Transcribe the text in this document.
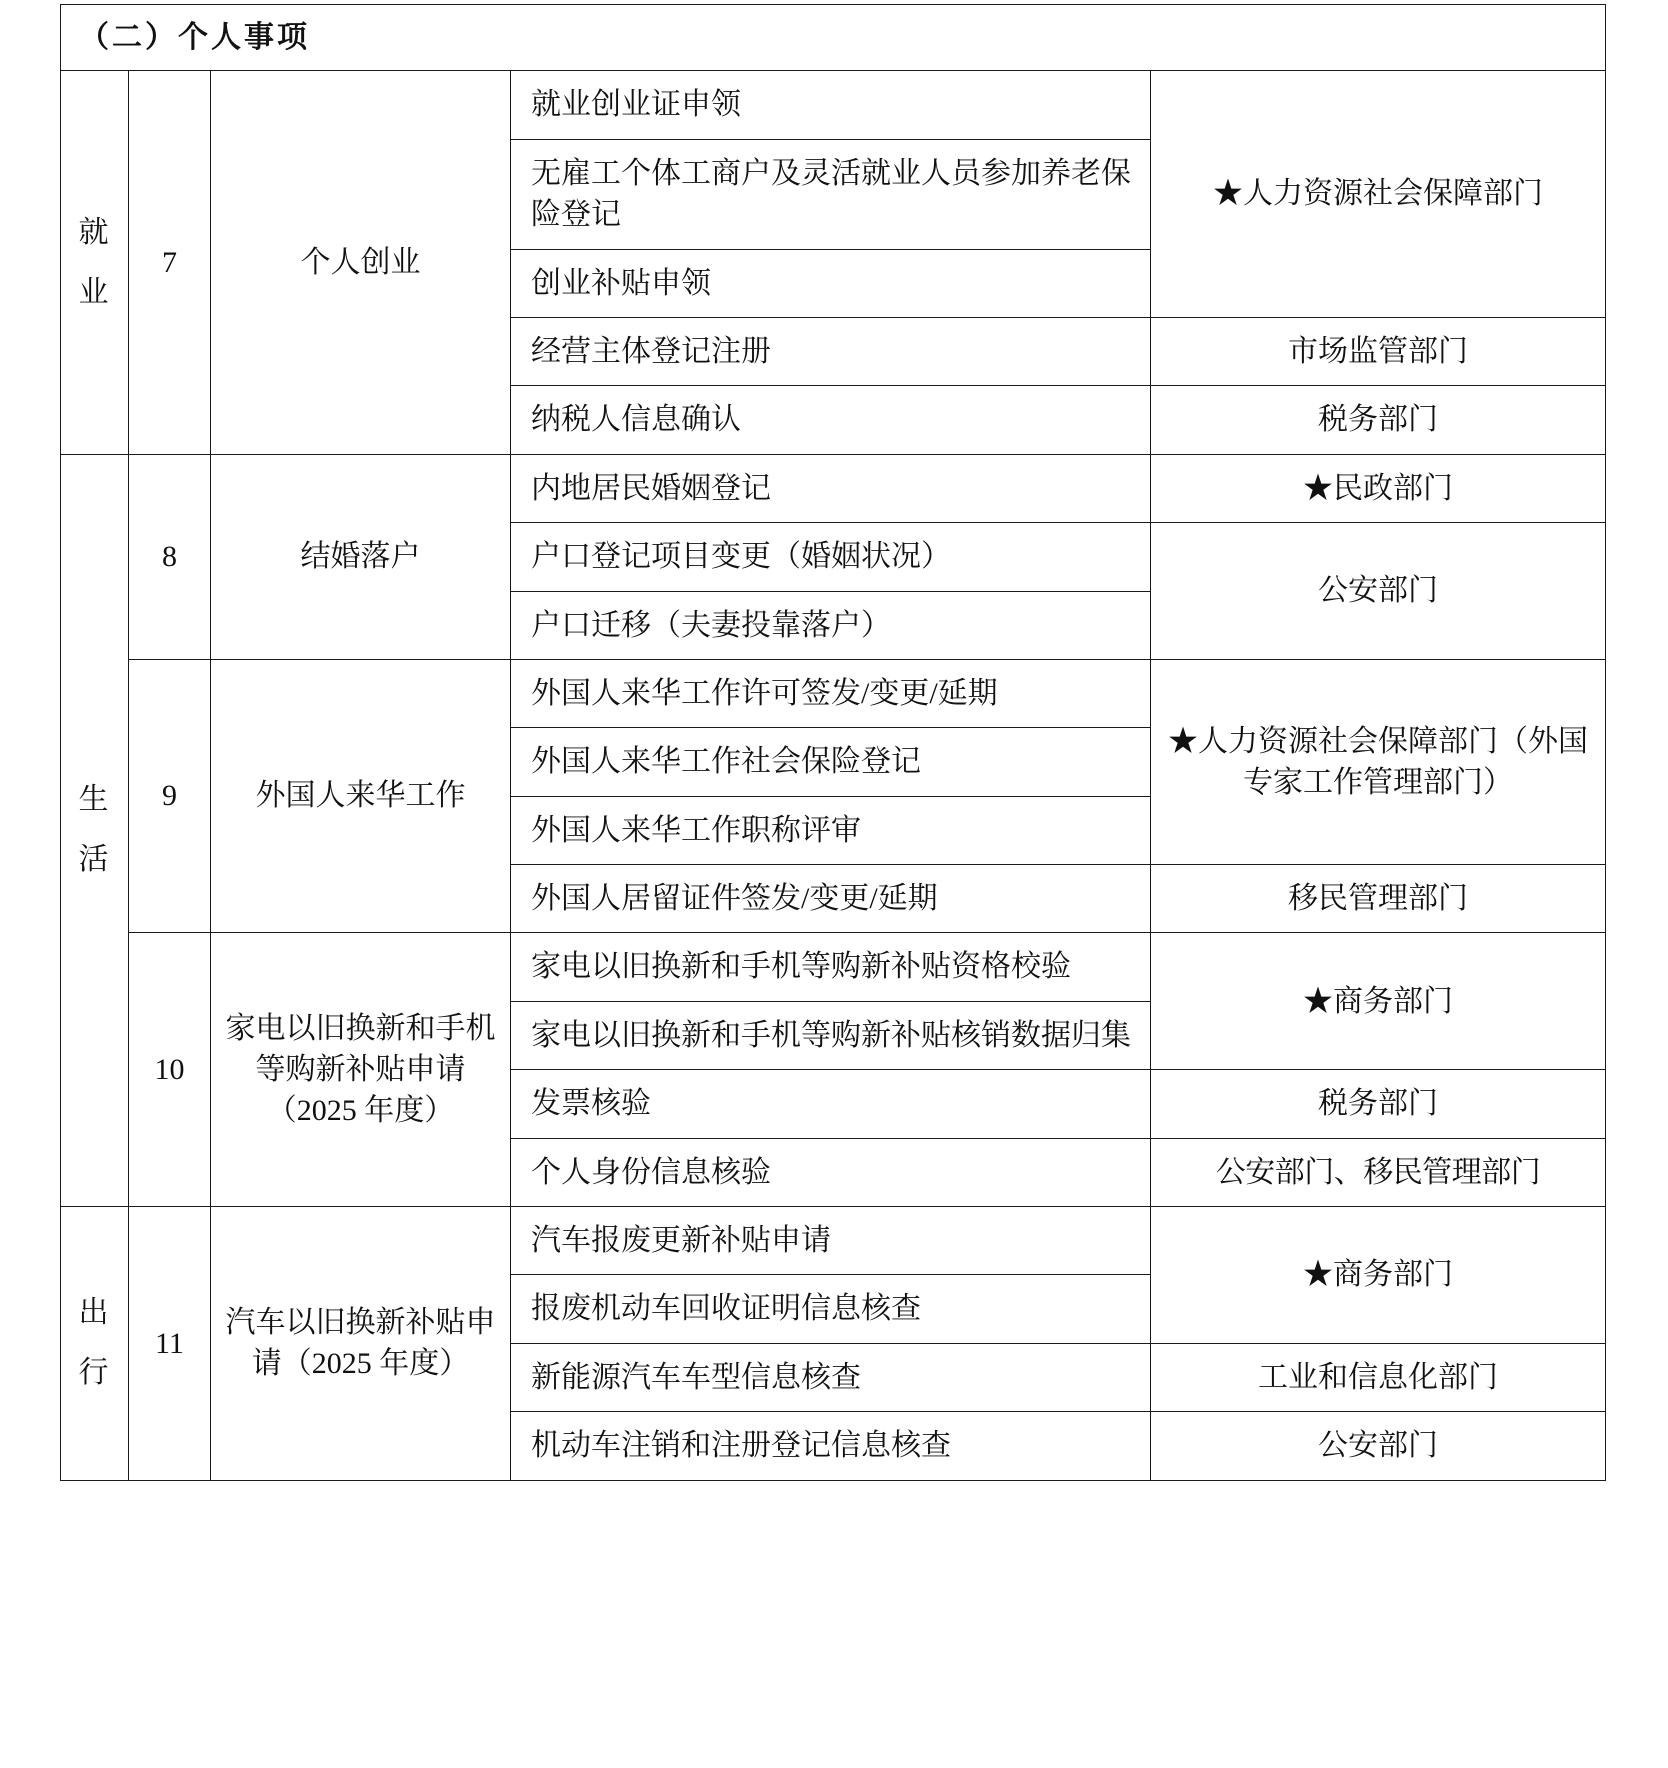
（二）个人事项				

就
业	7	个人创业	就业创业证申领	★人力资源社会保障部门
			无雇工个体工商户及灵活就业人员参加养老保险登记	
			创业补贴申领	
			经营主体登记注册	市场监管部门
			纳税人信息确认	税务部门

生
活	8	结婚落户	内地居民婚姻登记	★民政部门
			户口登记项目变更（婚姻状况）	公安部门
			户口迁移（夫妻投靠落户）	
	9	外国人来华工作	外国人来华工作许可签发/变更/延期	★人力资源社会保障部门（外国专家工作管理部门）
			外国人来华工作社会保险登记	
			外国人来华工作职称评审	
			外国人居留证件签发/变更/延期	移民管理部门
	10	家电以旧换新和手机等购新补贴申请（2025 年度）	家电以旧换新和手机等购新补贴资格校验	★商务部门
			家电以旧换新和手机等购新补贴核销数据归集	
			发票核验	税务部门
			个人身份信息核验	公安部门、移民管理部门

出
行	11	汽车以旧换新补贴申请（2025 年度）	汽车报废更新补贴申请	★商务部门
			报废机动车回收证明信息核查	
			新能源汽车车型信息核查	工业和信息化部门
			机动车注销和注册登记信息核查	公安部门
